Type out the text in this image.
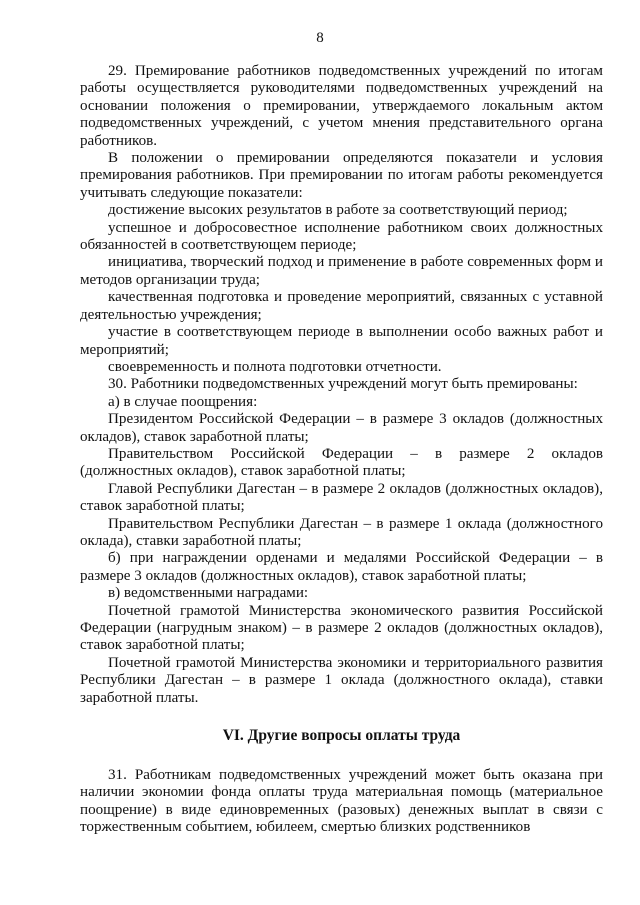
8

29. Премирование работников подведомственных учреждений по итогам работы осуществляется руководителями подведомственных учреждений на основании положения о премировании, утверждаемого локальным актом подведомственных учреждений, с учетом мнения представительного органа работников.

В положении о премировании определяются показатели и условия премирования работников. При премировании по итогам работы рекомендуется учитывать следующие показатели:

достижение высоких результатов в работе за соответствующий период;

успешное и добросовестное исполнение работником своих должностных обязанностей в соответствующем периоде;

инициатива, творческий подход и применение в работе современных форм и методов организации труда;

качественная подготовка и проведение мероприятий, связанных с уставной деятельностью учреждения;

участие в соответствующем периоде в выполнении особо важных работ и мероприятий;

своевременность и полнота подготовки отчетности.

30. Работники подведомственных учреждений могут быть премированы:

а) в случае поощрения:

Президентом Российской Федерации – в размере 3 окладов (должностных окладов), ставок заработной платы;

Правительством Российской Федерации – в размере 2 окладов (должностных окладов), ставок заработной платы;

Главой Республики Дагестан – в размере 2 окладов (должностных окладов), ставок заработной платы;

Правительством Республики Дагестан – в размере 1 оклада (должностного оклада), ставки заработной платы;

б) при награждении орденами и медалями Российской Федерации – в размере 3 окладов (должностных окладов), ставок заработной платы;

в) ведомственными наградами:

Почетной грамотой Министерства экономического развития Российской Федерации (нагрудным знаком) – в размере 2 окладов (должностных окладов), ставок заработной платы;

Почетной грамотой Министерства экономики и территориального развития Республики Дагестан – в размере 1 оклада (должностного оклада), ставки заработной платы.

VI. Другие вопросы оплаты труда

31. Работникам подведомственных учреждений может быть оказана при наличии экономии фонда оплаты труда материальная помощь (материальное поощрение) в виде единовременных (разовых) денежных выплат в связи с торжественным событием, юбилеем, смертью близких родственников
